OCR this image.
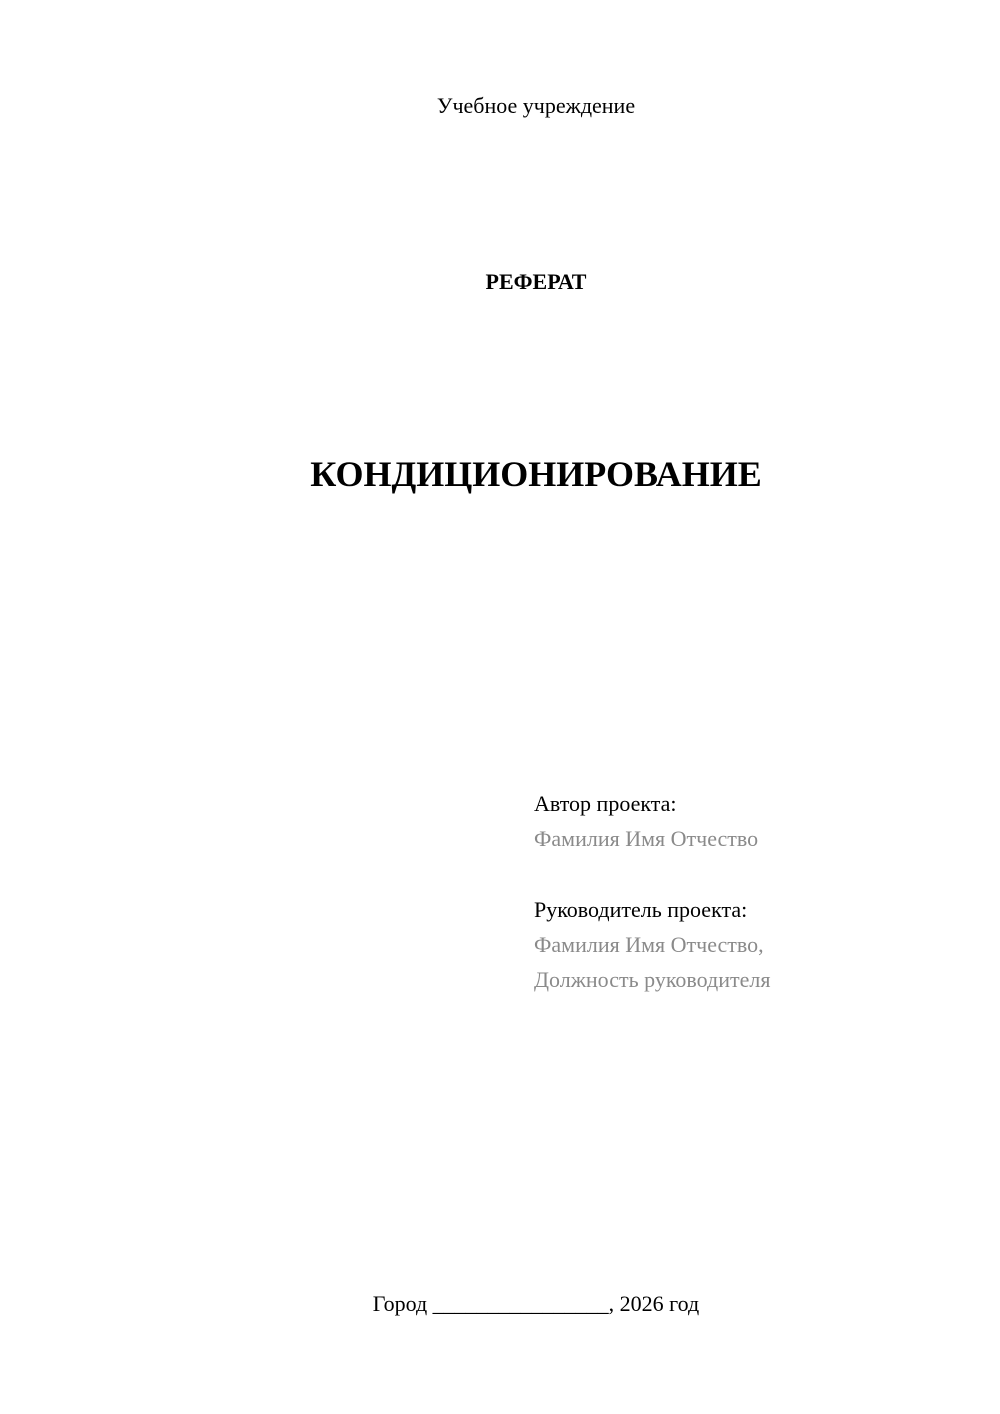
Учебное учреждение
РЕФЕРАТ
КОНДИЦИОНИРОВАНИЕ
Автор проекта:
Фамилия Имя Отчество
Руководитель проекта:
Фамилия Имя Отчество,
Должность руководителя
Город ________________, 2026 год
